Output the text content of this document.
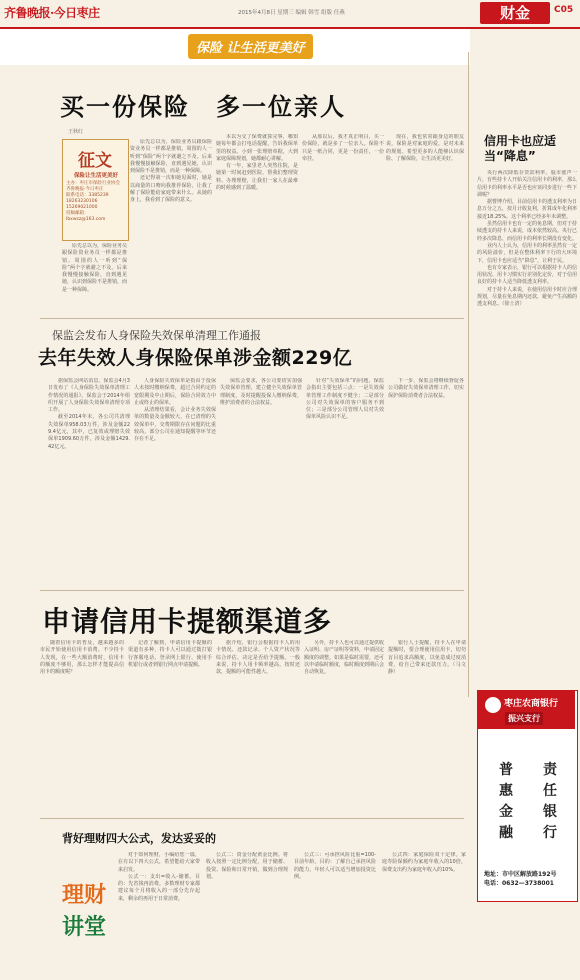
齐鲁晚报·今日枣庄	2015年4月8日 星期三 编辑 韩雪 组版 任燕	财金	C05
保险 让生活更美好
买一份保险　多一位亲人
王秋红
征文
保险让生活更美好
主办：枣庄市保险行业协会
齐鲁晚报·今日枣庄
联系电话：3385239
18263230106 15269021000
投稿邮箱：Ibxwsz@163.com

原先总以为，保险业务员跟保险资业务员一样都是推销。周围的人一听到“保险”两个字就避之不及。后来我慢慢接触保险，直到遇见她，认识到保险不是推销，而是一种保障。

还记得第一次和她见面时，她是以商量的口吻向我推荐保险，让我了解了保险能给家庭带来什么。从她的身上，我看到了保险的意义。

本以为交了保费就算完事，哪知她每年都会打电话提醒，告诉我保单里的权益。小到一张理赔单据，大到家庭保障规划，她都耐心讲解。

有一年，家里老人突然住院，是她第一时间赶到医院，帮我们整理资料、办理理赔，让我们一家人在最难的时候感到了温暖。

从那以后，我才真正明白，买一份保险，就是多了一位亲人。保险不只是一纸合同，更是一份责任、一份牵挂。

现在，我也常常跟身边的朋友说，保险是对家庭的爱，是对未来的规划。希望更多的人能够认识保险、了解保险，让生活更美好。

原先总以为，保险业务员跟保险资业务员一样都是推销。周围的人一听到“保险”两个字就避之不及。后来我慢慢接触保险，直到遇见她，认识到保险不是推销，而是一种保障。

信用卡也应适当“降息”

央行两次降低存贷款利率，股市涨声一片，有些持卡人开始关注信用卡的利率，那么信用卡的利率水平是否也应该同步进行一些下调呢？

据曹博介绍，目前信用卡的透支利率为日息万分之五，按月计收复利，折算成年化利率接近18.25%。这个利率已经多年未调整。

虽然信用卡也有一定的免息期，但对于持续透支的持卡人来说，成本依然较高。央行已经多次降息，而信用卡的利率长期没有变化。

业内人士认为，信用卡的利率虽然有一定的风险溢价，但是在整体利率下行的大环境下，信用卡也应适当“降息”，让利于民。

也有专家表示，银行可以根据持卡人的信用状况、用卡习惯实行差别化定价，对于信用良好的持卡人适当降低透支利率。

对于持卡人来说，在使用信用卡时应合理规划，尽量在免息期内还款，避免产生高额的透支利息。（徐士清）

保监会发布人身保险失效保单清理工作通报
去年失效人身保险保单涉金额229亿

据保监会网站消息，保监会4月3日发布了《人身保险失效保单清理工作情况的通报》。保监会于2014年组织开展了人身保险失效保单清理专项工作。

截至2014年末，各公司共清理失效保单958.03万件，涉及金额229.4亿元，其中，已复效或理赔失效保单1909.60万件，涉及金额1429.42亿元。

人身保险失效保单是指由于投保人未按时缴纳保费，超过合同约定的宽限期及中止期后，保险合同效力中止或终止的保单。

从清理结果看，会计业务失效保单的数量及金额较大，在已清理的失效保单中，交费期限存在问题的比重较高，部分公司在通知提醒等环节还存在不足。

保监会要求，各公司要切实加强失效保单管理，建立健全失效保单管理制度，及时提醒投保人缴纳保费，维护消费者的合法权益。

针对“失效保单”的问题，保监会指出主要包括三点：一是失效保单管理工作制度不健全；二是部分公司对失效保单的客户服务不到位；三是部分公司管理人员对失效保单风险认识不足。

下一步，保监会将继续督促各公司做好失效保单清理工作，切实保护保险消费者合法权益。

申请信用卡提额渠道多

随着信用卡的普及，越来越多的市民开始使用信用卡消费。不少持卡人发现，在一些大额消费时，信用卡的额度不够用，那么怎样才能提高信用卡的额度呢？

记者了解到，申请信用卡提额的渠道有多种，持卡人可以通过拨打银行客服电话、登录网上银行、使用手机银行或者到银行网点申请提额。

据介绍，银行会根据持卡人的用卡情况、还款记录、个人资产状况等综合评估，决定是否给予提额。一般来说，持卡人用卡频率越高，按时还款，提额的可能性越大。

另外，持卡人也可以通过提供收入证明、房产证明等资料，申请固定额度的调整。如果是临时需要，还可以申请临时额度，临时额度到期后会自动恢复。

银行人士提醒，持卡人在申请提额时，要合理使用信用卡，切勿盲目追求高额度，以免造成过度消费，给自己带来还款压力。（马文静）

背好理财四大公式，发达妥妥的
理财
讲堂

对于如何理财，小编给您一篇，在有以下四大公式，希望能给大家带来启发。

公式一：支出=收入-储蓄。目的：先省钱再消费。多数理财专家都建议每个月将收入的一部分先存起来，剩余的再用于日常消费。

公式二：资金分配黄金比例。将收入按照一定比例分配，用于储蓄、投资、保险和日常开销，做到合理规划。

公式三：可承担风险比重=100-目前年龄。目的：了解自己承担风险的能力，年轻人可以适当增加投资比例。

公式四：家庭保险双十定律。家庭寿险保额约为家庭年收入的10倍，保费支出约为家庭年收入的10%。

枣庄农商银行
振兴支行
普 责
惠 任
金 银
融 行
地址：市中区解放路192号
电话：0632—3738001
